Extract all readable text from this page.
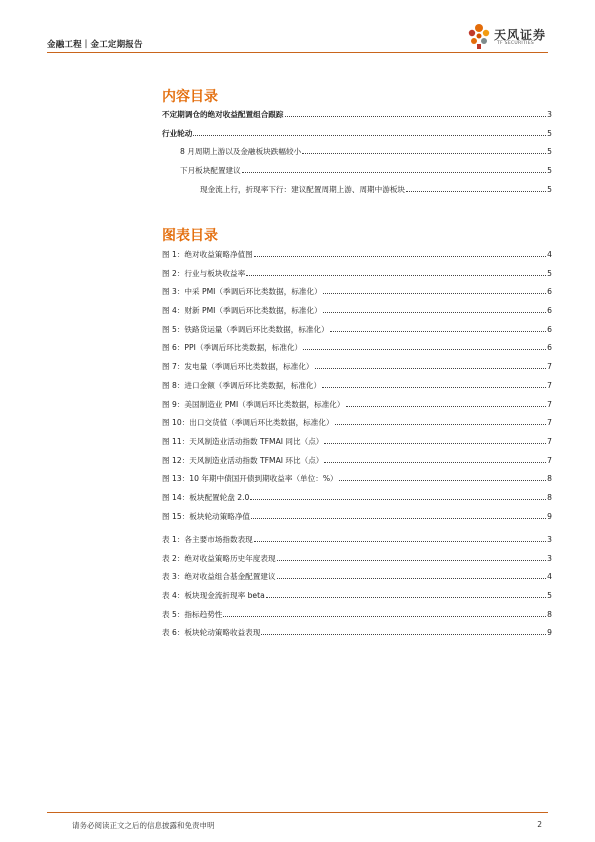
金融工程｜金工定期报告
天风证券
TF SECURITIES
内容目录
不定期调仓的绝对收益配置组合跟踪	3
行业轮动	5
8 月周期上游以及金融板块跌幅较小	5
下月板块配置建议	5
现金流上行，折现率下行：建议配置周期上游、周期中游板块	5
图表目录
图 1：绝对收益策略净值图	4
图 2：行业与板块收益率	5
图 3：中采 PMI（季调后环比类数据，标准化）	6
图 4：财新 PMI（季调后环比类数据，标准化）	6
图 5：铁路货运量（季调后环比类数据，标准化）	6
图 6：PPI（季调后环比类数据，标准化）	6
图 7：发电量（季调后环比类数据，标准化）	7
图 8：进口金额（季调后环比类数据，标准化）	7
图 9：美国制造业 PMI（季调后环比类数据，标准化）	7
图 10：出口交货值（季调后环比类数据，标准化）	7
图 11：天风制造业活动指数 TFMAI 同比（点）	7
图 12：天风制造业活动指数 TFMAI 环比（点）	7
图 13：10 年期中债国开债到期收益率（单位：%）	8
图 14：板块配置轮盘 2.0	8
图 15：板块轮动策略净值	9
表 1：各主要市场指数表现	3
表 2：绝对收益策略历史年度表现	3
表 3：绝对收益组合基金配置建议	4
表 4：板块现金流折现率 beta	5
表 5：指标趋势性	8
表 6：板块轮动策略收益表现	9
请务必阅读正文之后的信息披露和免责申明	2
